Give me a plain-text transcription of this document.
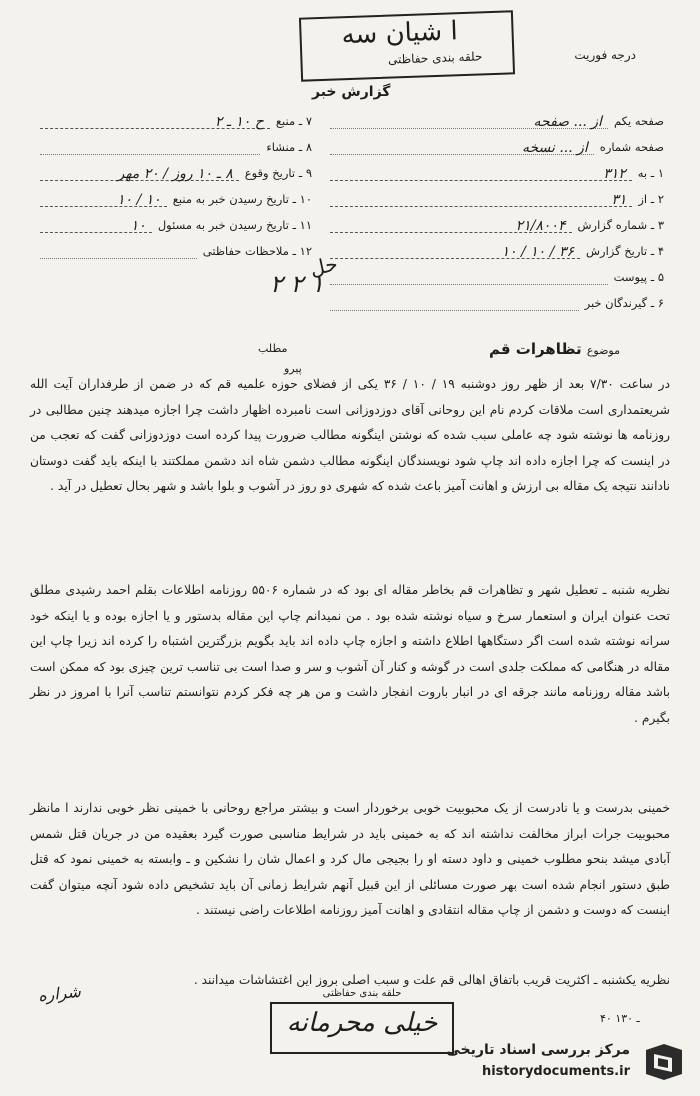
ا شیان سه
حلقه بندی حفاظتی	درجه فوریت
گزارش خبر
۷ ـ منبع
ح ۱۰ ـ ۲
۸ ـ منشاء
۹ ـ تاریخ وقوع
۸ ـ ۱۰ روز / ۲۰ مهر
۱۰ ـ تاریخ رسیدن خبر به منبع
۱۰ / ۱۰
۱۱ ـ تاریخ رسیدن خبر به مسئول
۱۰
۱۲ ـ ملاحظات حفاظتی
صفحه یکم
از ... صفحه
صفحه شماره
از ... نسخه
۱ ـ به
۳۱۲
۲ ـ از
۳۱
۳ ـ شماره گزارش
۲۱/۸۰۰۴
۴ ـ تاریخ گزارش
۳۶ / ۱۰ / ۱۰
۵ ـ پیوست
۶ ـ گیرندگان خبر
حل
۲ ۲ ۱
مطلب
پیرو
موضوع تظاهرات قم
در ساعت ۷/۳۰ بعد از ظهر روز دوشنبه ۱۹ / ۱۰ / ۳۶ یکی از فضلای حوزه علمیه قم که در ضمن از طرفداران آیت الله شریعتمداری است ملاقات کردم نام این روحانی آقای دوزدوزانی است نامبرده اظهار داشت چرا اجازه میدهند چنین مطالبی در روزنامه ها نوشته شود چه عاملی سبب شده که نوشتن اینگونه مطالب ضرورت پیدا کرده است دوزدوزانی گفت که تعجب من در اینست که چرا اجازه داده اند چاپ شود نویسندگان اینگونه مطالب دشمن شاه اند دشمن مملکتند با اینکه باید گفت دوستان نادانند نتیجه یک مقاله بی ارزش و اهانت آمیز باعث شده که شهری دو روز در آشوب و بلوا باشد و شهر بحال تعطیل در آید .
نظریه شنبه ـ تعطیل شهر و تظاهرات قم بخاطر مقاله ای بود که در شماره ۵۵۰۶ روزنامه اطلاعات بقلم احمد رشیدی مطلق تحت عنوان ایران و استعمار سرخ و سیاه نوشته شده بود . من نمیدانم چاپ این مقاله بدستور و یا اجازه بوده و یا اینکه خود سرانه نوشته شده است اگر دستگاهها اطلاع داشته و اجازه چاپ داده اند باید بگویم بزرگترین اشتباه را کرده اند زیرا چاپ این مقاله در هنگامی که مملکت جلدی است در گوشه و کنار آن آشوب و سر و صدا است بی تناسب ترین چیزی بود که ممکن است باشد مقاله روزنامه مانند جرقه ای در انبار باروت انفجار داشت و من هر چه فکر کردم نتوانستم تناسب آنرا با امروز در نظر بگیرم .
خمینی بدرست و یا نادرست از یک محبوبیت خوبی برخوردار است و بیشتر مراجع روحانی با خمینی نظر خوبی ندارند ا مانظر محبوبیت جرات ابراز مخالفت نداشته اند که به خمینی باید در شرایط مناسبی صورت گیرد بعقیده من در جریان قتل شمس آبادی میشد بنحو مطلوب خمینی و داود دسته او را بجیجی مال کرد و اعمال شان را نشکین و ـ وابسته به خمینی نمود که قتل طبق دستور انجام شده است بهر صورت مسائلی از این قبیل آنهم شرایط زمانی آن باید تشخیص داده شود آنچه میتوان گفت اینست که دوست و دشمن از چاپ مقاله انتقادی و اهانت آمیز روزنامه اطلاعات راضی نیستند .
نظریه یکشنبه ـ اکثریت قریب باتفاق اهالی قم علت و سبب اصلی بروز این اغتشاشات میدانند .
شراره	حلقه بندی حفاظتی
خیلی محرمانه	۴۰ ـ ۱۳۰
مرکز بررسی اسناد تاریخی
historydocuments.ir
